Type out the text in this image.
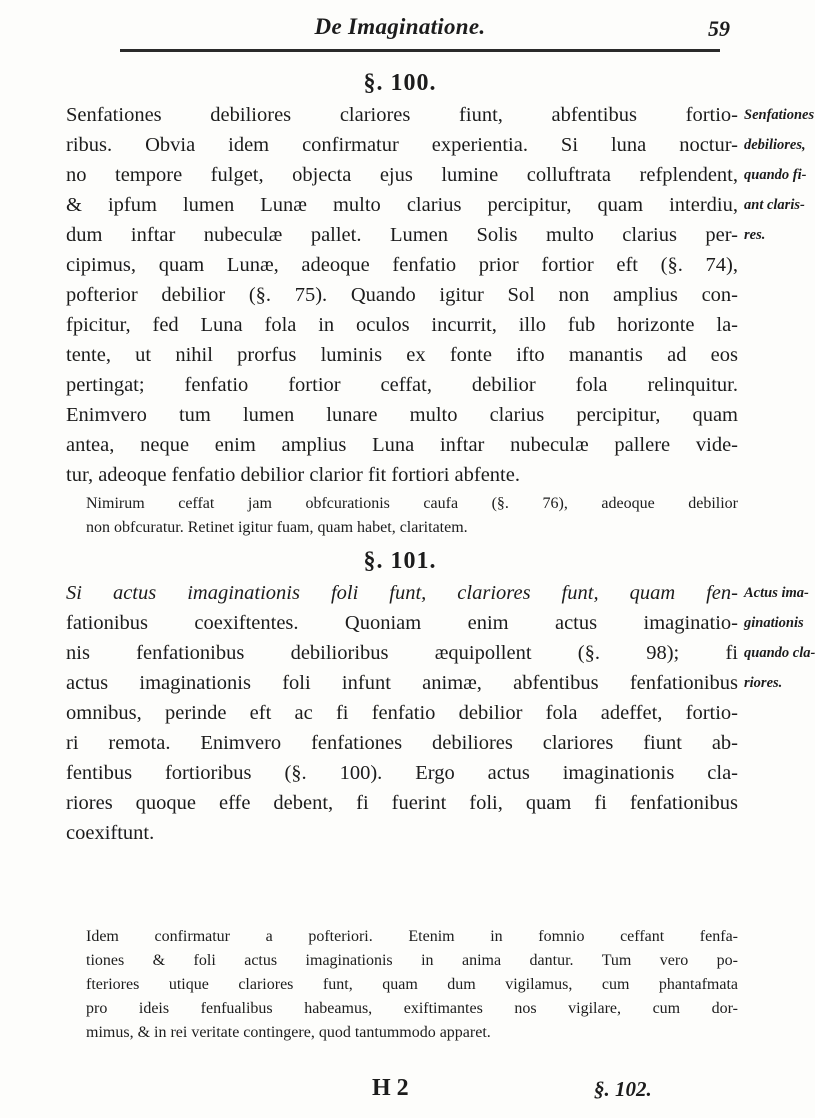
De Imaginatione.	59
§. 100.
Senfationes debiliores clariores fiunt, abfentibus fortio-
ribus. Obvia idem confirmatur experientia. Si luna noctur-
no tempore fulget, objecta ejus lumine colluftrata refplendent,
& ipfum lumen Lunæ multo clarius percipitur, quam interdiu,
dum inftar nubeculæ pallet. Lumen Solis multo clarius per-
cipimus, quam Lunæ, adeoque fenfatio prior fortior eft (§. 74),
pofterior debilior (§. 75). Quando igitur Sol non amplius con-
fpicitur, fed Luna fola in oculos incurrit, illo fub horizonte la-
tente, ut nihil prorfus luminis ex fonte ifto manantis ad eos
pertingat; fenfatio fortior ceffat, debilior fola relinquitur.
Enimvero tum lumen lunare multo clarius percipitur, quam
antea, neque enim amplius Luna inftar nubeculæ pallere vide-
tur, adeoque fenfatio debilior clarior fit fortiori abfente.
Senfationes
debiliores,
quando fi-
ant claris-
res.
Nimirum ceffat jam obfcurationis caufa (§. 76), adeoque debilior
non obfcuratur. Retinet igitur fuam, quam habet, claritatem.
§. 101.
Si actus imaginationis foli funt, clariores funt, quam fen-
fationibus coexiftentes. Quoniam enim actus imaginatio-
nis fenfationibus debilioribus æquipollent (§. 98); fi
actus imaginationis foli infunt animæ, abfentibus fenfationibus
omnibus, perinde eft ac fi fenfatio debilior fola adeffet, fortio-
ri remota. Enimvero fenfationes debiliores clariores fiunt ab-
fentibus fortioribus (§. 100). Ergo actus imaginationis cla-
riores quoque effe debent, fi fuerint foli, quam fi fenfationibus
coexiftunt.
Actus ima-
ginationis
quando cla-
riores.
Idem confirmatur a pofteriori. Etenim in fomnio ceffant fenfa-
tiones & foli actus imaginationis in anima dantur. Tum vero po-
fteriores utique clariores funt, quam dum vigilamus, cum phantafmata
pro ideis fenfualibus habeamus, exiftimantes nos vigilare, cum dor-
mimus, & in rei veritate contingere, quod tantummodo apparet.
H 2	§. 102.
